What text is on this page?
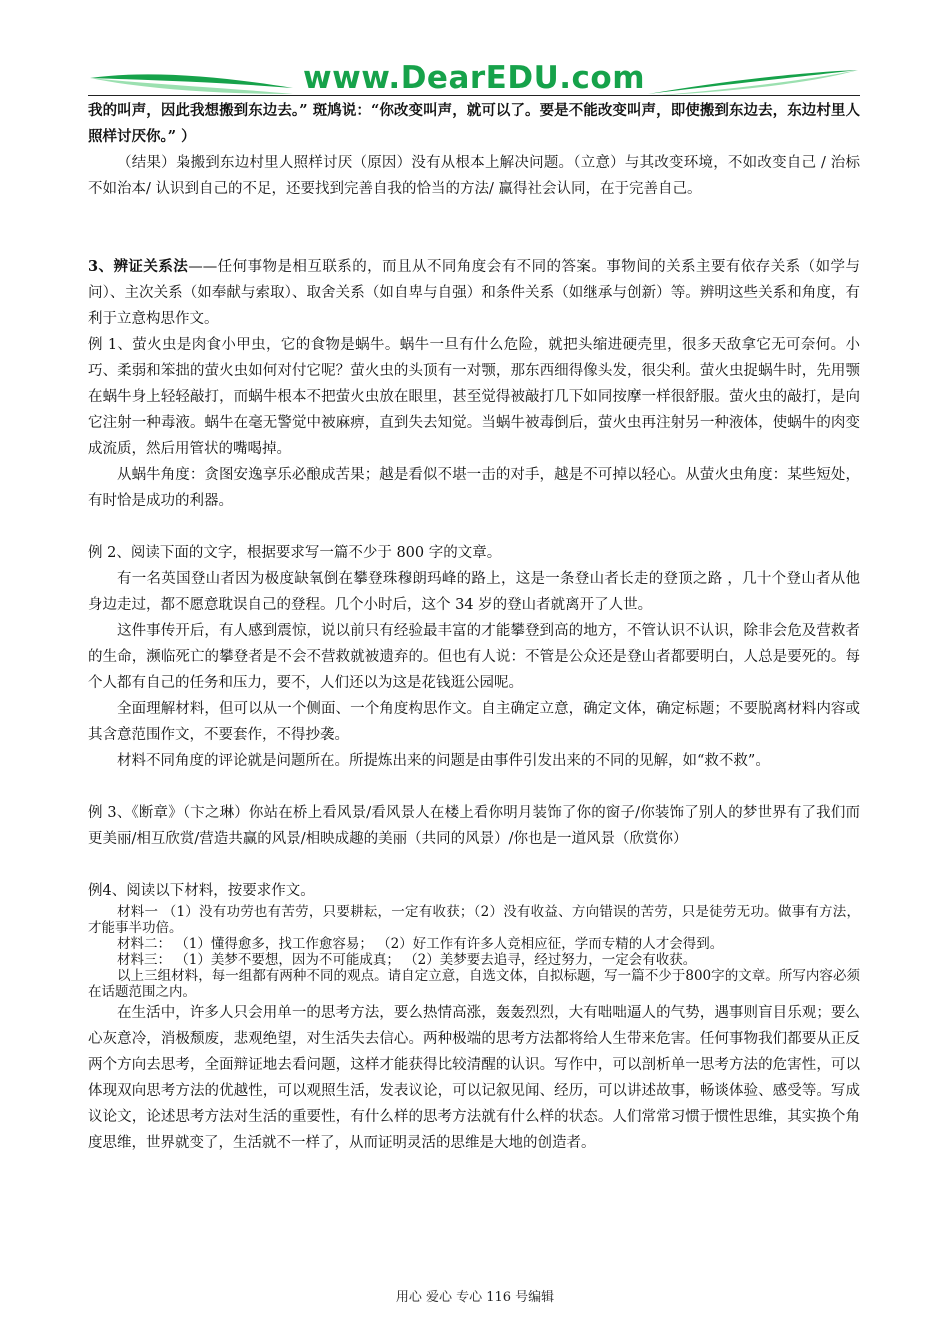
www.DearEDU.com

我的叫声，因此我想搬到东边去。” 斑鸠说：“你改变叫声，就可以了。要是不能改变叫声，即使搬到东边去，东边村里人照样讨厌你。” ）

（结果）枭搬到东边村里人照样讨厌（原因）没有从根本上解决问题。（立意）与其改变环境，不如改变自己 / 治标不如治本/ 认识到自己的不足，还要找到完善自我的恰当的方法/ 赢得社会认同，在于完善自己。

3、辨证关系法——任何事物是相互联系的，而且从不同角度会有不同的答案。事物间的关系主要有依存关系（如学与问）、主次关系（如奉献与索取）、取舍关系（如自卑与自强）和条件关系（如继承与创新）等。辨明这些关系和角度，有利于立意构思作文。

例 1、萤火虫是肉食小甲虫，它的食物是蜗牛。蜗牛一旦有什么危险，就把头缩进硬壳里，很多天敌拿它无可奈何。小巧、柔弱和笨拙的萤火虫如何对付它呢？萤火虫的头顶有一对颚，那东西细得像头发，很尖利。萤火虫捉蜗牛时，先用颚在蜗牛身上轻轻敲打，而蜗牛根本不把萤火虫放在眼里，甚至觉得被敲打几下如同按摩一样很舒服。萤火虫的敲打，是向它注射一种毒液。蜗牛在毫无警觉中被麻痹，直到失去知觉。当蜗牛被毒倒后，萤火虫再注射另一种液体，使蜗牛的肉变成流质，然后用管状的嘴喝掉。

从蜗牛角度：贪图安逸享乐必酿成苦果；越是看似不堪一击的对手，越是不可掉以轻心。从萤火虫角度：某些短处，有时恰是成功的利器。

例 2、阅读下面的文字，根据要求写一篇不少于 800 字的文章。

有一名英国登山者因为极度缺氧倒在攀登珠穆朗玛峰的路上，这是一条登山者长走的登顶之路 ，几十个登山者从他身边走过，都不愿意耽误自己的登程。几个小时后，这个 34 岁的登山者就离开了人世。

这件事传开后，有人感到震惊，说以前只有经验最丰富的才能攀登到高的地方，不管认识不认识，除非会危及营救者的生命，濒临死亡的攀登者是不会不营救就被遗弃的。但也有人说：不管是公众还是登山者都要明白，人总是要死的。每个人都有自己的任务和压力，要不，人们还以为这是花钱逛公园呢。

全面理解材料，但可以从一个侧面、一个角度构思作文。自主确定立意，确定文体，确定标题；不要脱离材料内容或其含意范围作文，不要套作，不得抄袭。

材料不同角度的评论就是问题所在。所提炼出来的问题是由事件引发出来的不同的见解，如“救不救”。

例 3、《断章》（卞之琳）你站在桥上看风景/看风景人在楼上看你明月装饰了你的窗子/你装饰了别人的梦世界有了我们而更美丽/相互欣赏/营造共赢的风景/相映成趣的美丽（共同的风景）/你也是一道风景（欣赏你）

例4、阅读以下材料，按要求作文。

材料一 （1）没有功劳也有苦劳，只要耕耘，一定有收获；（2）没有收益、方向错误的苦劳，只是徒劳无功。做事有方法，才能事半功倍。

材料二： （1）懂得愈多，找工作愈容易； （2）好工作有许多人竞相应征，学而专精的人才会得到。

材料三： （1）美梦不要想，因为不可能成真； （2）美梦要去追寻，经过努力，一定会有收获。

以上三组材料，每一组都有两种不同的观点。请自定立意，自选文体，自拟标题，写一篇不少于800字的文章。所写内容必须在话题范围之内。

在生活中，许多人只会用单一的思考方法，要么热情高涨，轰轰烈烈，大有咄咄逼人的气势，遇事则盲目乐观；要么心灰意冷，消极颓废，悲观绝望，对生活失去信心。两种极端的思考方法都将给人生带来危害。任何事物我们都要从正反两个方向去思考，全面辩证地去看问题，这样才能获得比较清醒的认识。写作中，可以剖析单一思考方法的危害性，可以体现双向思考方法的优越性，可以观照生活，发表议论，可以记叙见闻、经历，可以讲述故事，畅谈体验、感受等。写成议论文，论述思考方法对生活的重要性，有什么样的思考方法就有什么样的状态。人们常常习惯于惯性思维，其实换个角度思维，世界就变了，生活就不一样了，从而证明灵活的思维是大地的创造者。

用心 爱心 专心 116 号编辑
